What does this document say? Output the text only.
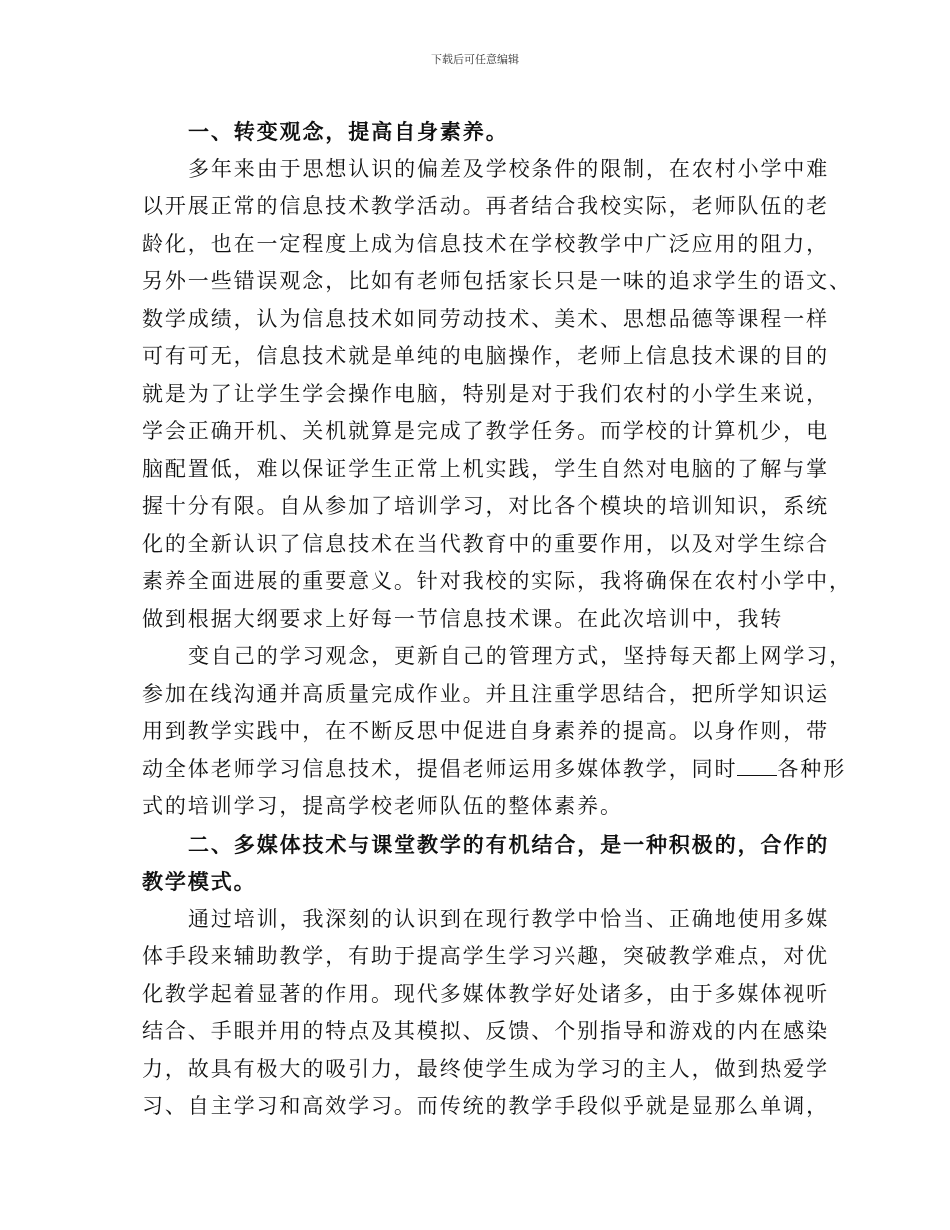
下载后可任意编辑
一、转变观念，提高自身素养。
多年来由于思想认识的偏差及学校条件的限制，在农村小学中难
以开展正常的信息技术教学活动。再者结合我校实际，老师队伍的老
龄化，也在一定程度上成为信息技术在学校教学中广泛应用的阻力，
另外一些错误观念，比如有老师包括家长只是一味的追求学生的语文、
数学成绩，认为信息技术如同劳动技术、美术、思想品德等课程一样
可有可无，信息技术就是单纯的电脑操作，老师上信息技术课的目的
就是为了让学生学会操作电脑，特别是对于我们农村的小学生来说，
学会正确开机、关机就算是完成了教学任务。而学校的计算机少，电
脑配置低，难以保证学生正常上机实践，学生自然对电脑的了解与掌
握十分有限。自从参加了培训学习，对比各个模块的培训知识，系统
化的全新认识了信息技术在当代教育中的重要作用，以及对学生综合
素养全面进展的重要意义。针对我校的实际，我将确保在农村小学中，
做到根据大纲要求上好每一节信息技术课。在此次培训中，我转
变自己的学习观念，更新自己的管理方式，坚持每天都上网学习，
参加在线沟通并高质量完成作业。并且注重学思结合，把所学知识运
用到教学实践中，在不断反思中促进自身素养的提高。以身作则，带
动全体老师学习信息技术，提倡老师运用多媒体教学，同时 各种形
式的培训学习，提高学校老师队伍的整体素养。
二、多媒体技术与课堂教学的有机结合，是一种积极的，合作的
教学模式。
通过培训，我深刻的认识到在现行教学中恰当、正确地使用多媒
体手段来辅助教学，有助于提高学生学习兴趣，突破教学难点，对优
化教学起着显著的作用。现代多媒体教学好处诸多，由于多媒体视听
结合、手眼并用的特点及其模拟、反馈、个别指导和游戏的内在感染
力，故具有极大的吸引力，最终使学生成为学习的主人，做到热爱学
习、自主学习和高效学习。而传统的教学手段似乎就是显那么单调，
